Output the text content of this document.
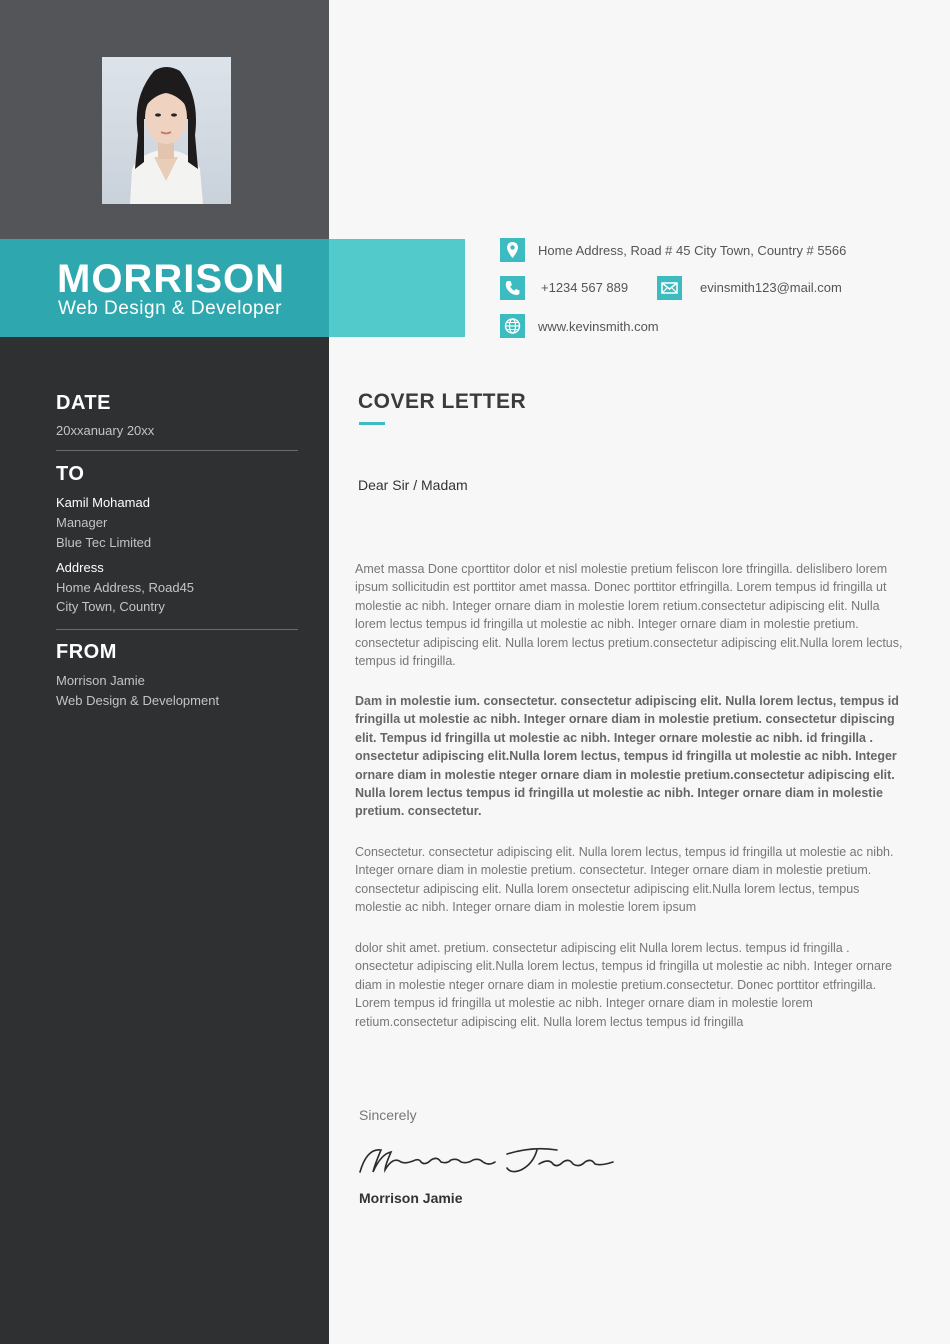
MORRISON
Web Design & Developer
Home Address, Road # 45 City Town, Country # 5566
+1234 567 889	evinsmith123@mail.com
www.kevinsmith.com
DATE
20xxanuary 20xx
TO
Kamil Mohamad
Manager
Blue Tec Limited
Address
Home Address, Road45
City Town, Country
FROM
Morrison Jamie
Web Design & Development
COVER LETTER
Dear Sir / Madam

Amet massa Done cporttitor dolor et nisl molestie pretium feliscon lore tfringilla. delislibero lorem ipsum sollicitudin est porttitor amet massa. Donec porttitor etfringilla. Lorem tempus id fringilla ut molestie ac nibh. Integer ornare diam in molestie lorem retium.consectetur adipiscing elit. Nulla lorem lectus tempus id fringilla ut molestie ac nibh. Integer ornare diam in molestie pretium. consectetur adipiscing elit. Nulla lorem lectus pretium.consectetur adipiscing elit.Nulla lorem lectus, tempus id fringilla.

Dam in molestie ium. consectetur. consectetur adipiscing elit. Nulla lorem lectus, tempus id fringilla ut molestie ac nibh. Integer ornare diam in molestie pretium. consectetur dipiscing elit. Tempus id fringilla ut molestie ac nibh. Integer ornare molestie ac nibh. id fringilla . onsectetur adipiscing elit.Nulla lorem lectus, tempus id fringilla ut molestie ac nibh. Integer ornare diam in molestie nteger ornare diam in molestie pretium.consectetur adipiscing elit. Nulla lorem lectus tempus id fringilla ut molestie ac nibh. Integer ornare diam in molestie pretium. consectetur.

Consectetur. consectetur adipiscing elit. Nulla lorem lectus, tempus id fringilla ut molestie ac nibh. Integer ornare diam in molestie pretium. consectetur. Integer ornare diam in molestie pretium. consectetur adipiscing elit. Nulla lorem onsectetur adipiscing elit.Nulla lorem lectus, tempus molestie ac nibh. Integer ornare diam in molestie lorem ipsum

dolor shit amet. pretium. consectetur adipiscing elit Nulla lorem lectus. tempus id fringilla . onsectetur adipiscing elit.Nulla lorem lectus, tempus id fringilla ut molestie ac nibh. Integer ornare diam in molestie nteger ornare diam in molestie pretium.consectetur. Donec porttitor etfringilla. Lorem tempus id fringilla ut molestie ac nibh. Integer ornare diam in molestie lorem retium.consectetur adipiscing elit. Nulla lorem lectus tempus id fringilla

Sincerely
Morrison Jamie
